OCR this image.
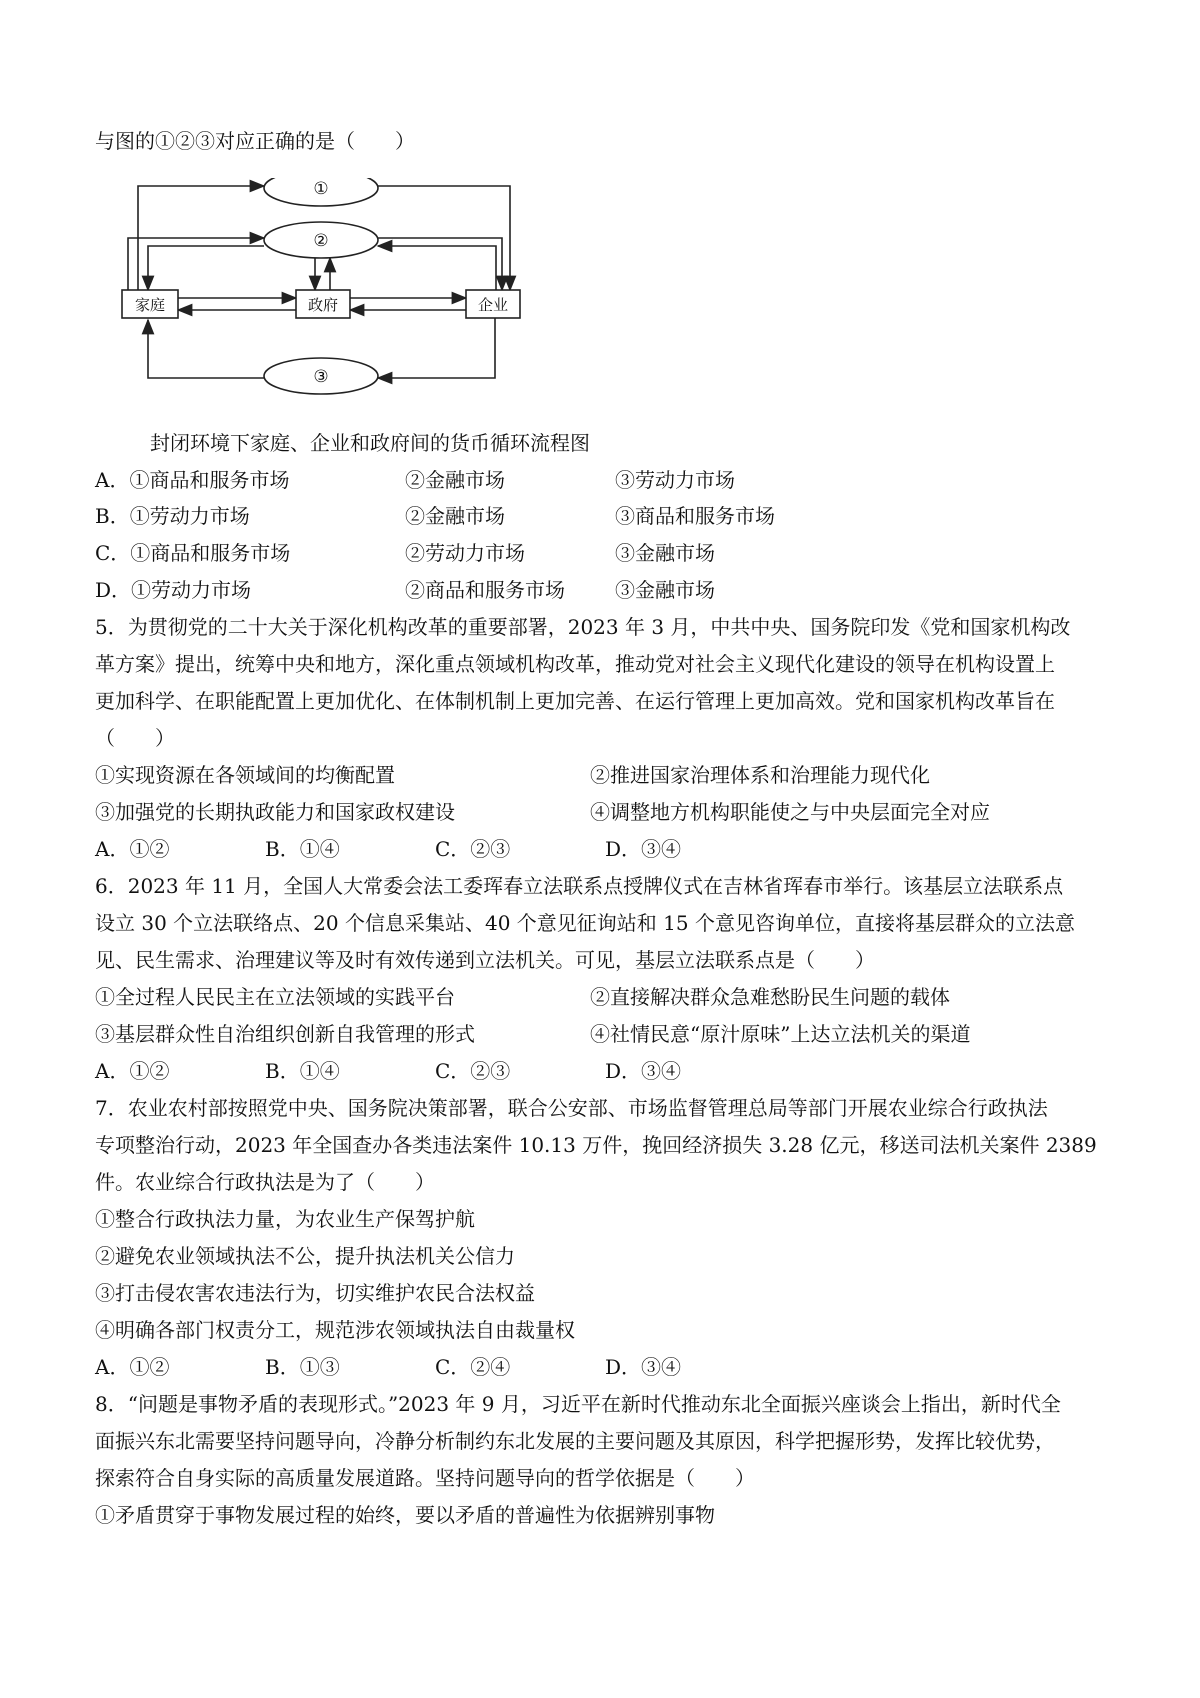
与图的①②③对应正确的是（　　）
①
②
③
家庭	政府	企业
封闭环境下家庭、企业和政府间的货币循环流程图
A．①商品和服务市场	②金融市场	③劳动力市场
B．①劳动力市场	②金融市场	③商品和服务市场
C．①商品和服务市场	②劳动力市场	③金融市场
D．①劳动力市场	②商品和服务市场	③金融市场
5．为贯彻党的二十大关于深化机构改革的重要部署，2023 年 3 月，中共中央、国务院印发《党和国家机构改
革方案》提出，统筹中央和地方，深化重点领域机构改革，推动党对社会主义现代化建设的领导在机构设置上
更加科学、在职能配置上更加优化、在体制机制上更加完善、在运行管理上更加高效。党和国家机构改革旨在
（　　）
①实现资源在各领域间的均衡配置	②推进国家治理体系和治理能力现代化
③加强党的长期执政能力和国家政权建设	④调整地方机构职能使之与中央层面完全对应
A．①②	B．①④	C．②③	D．③④
6．2023 年 11 月，全国人大常委会法工委珲春立法联系点授牌仪式在吉林省珲春市举行。该基层立法联系点
设立 30 个立法联络点、20 个信息采集站、40 个意见征询站和 15 个意见咨询单位，直接将基层群众的立法意
见、民生需求、治理建议等及时有效传递到立法机关。可见，基层立法联系点是（　　）
①全过程人民民主在立法领域的实践平台	②直接解决群众急难愁盼民生问题的载体
③基层群众性自治组织创新自我管理的形式	④社情民意“原汁原味”上达立法机关的渠道
A．①②	B．①④	C．②③	D．③④
7．农业农村部按照党中央、国务院决策部署，联合公安部、市场监督管理总局等部门开展农业综合行政执法
专项整治行动，2023 年全国查办各类违法案件 10.13 万件，挽回经济损失 3.28 亿元，移送司法机关案件 2389
件。农业综合行政执法是为了（　　）
①整合行政执法力量，为农业生产保驾护航
②避免农业领域执法不公，提升执法机关公信力
③打击侵农害农违法行为，切实维护农民合法权益
④明确各部门权责分工，规范涉农领域执法自由裁量权
A．①②	B．①③	C．②④	D．③④
8．“问题是事物矛盾的表现形式。”2023 年 9 月，习近平在新时代推动东北全面振兴座谈会上指出，新时代全
面振兴东北需要坚持问题导向，冷静分析制约东北发展的主要问题及其原因，科学把握形势，发挥比较优势，
探索符合自身实际的高质量发展道路。坚持问题导向的哲学依据是（　　）
①矛盾贯穿于事物发展过程的始终，要以矛盾的普遍性为依据辨别事物
